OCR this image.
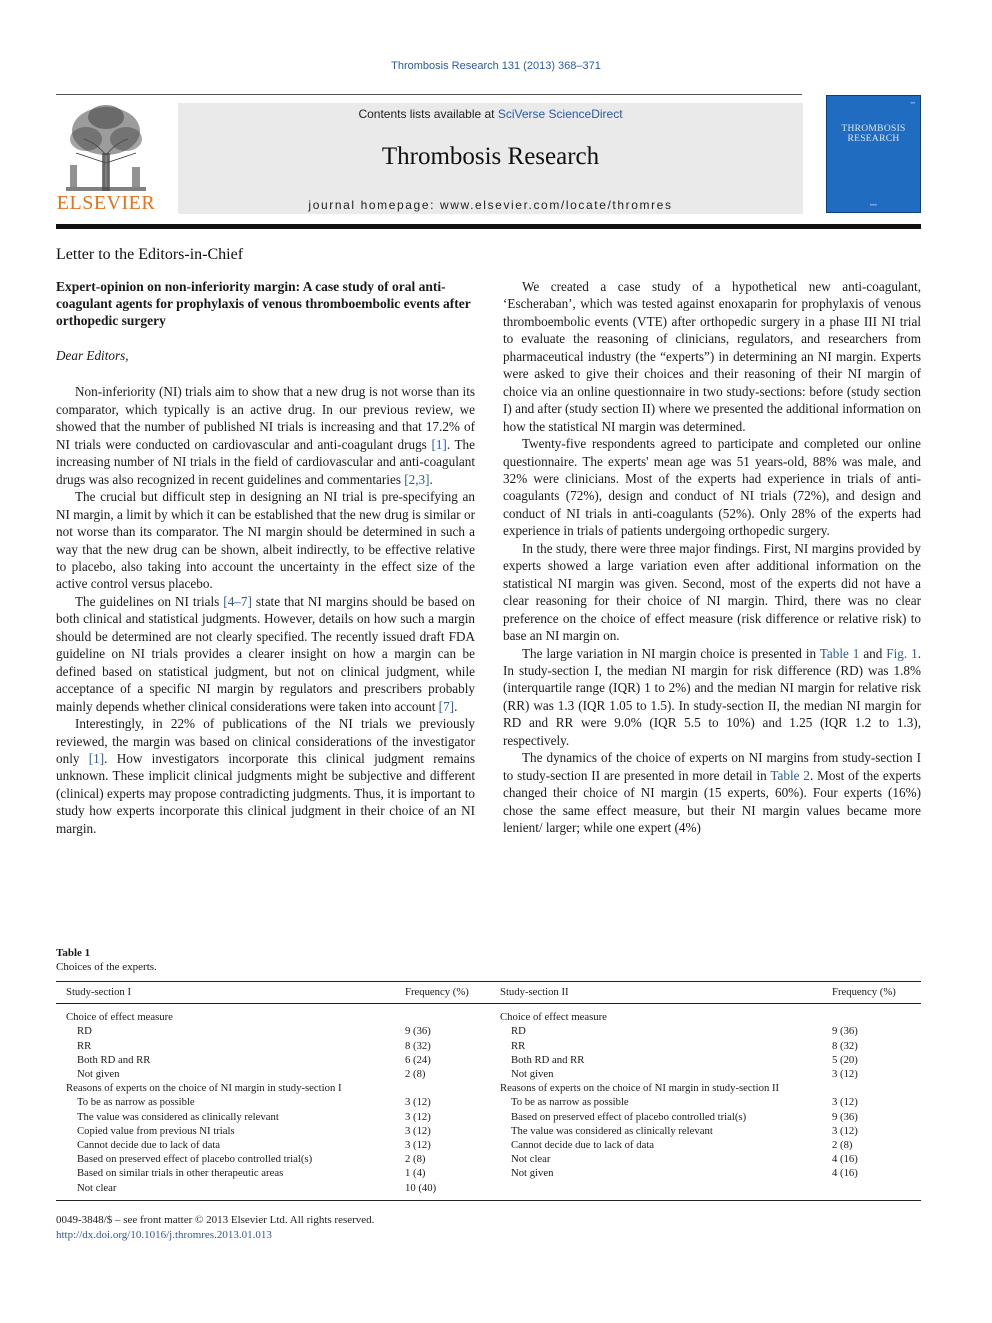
Thrombosis Research 131 (2013) 368–371
ELSEVIER
Contents lists available at SciVerse ScienceDirect
Thrombosis Research
journal homepage: www.elsevier.com/locate/thromres
▪▪▪
THROMBOSIS
RESEARCH
▪▪▪▪▪
Letter to the Editors-in-Chief

Expert-opinion on non-inferiority margin: A case study of oral anti-coagulant agents for prophylaxis of venous thromboembolic events after orthopedic surgery

Dear Editors,

Non-inferiority (NI) trials aim to show that a new drug is not worse than its comparator, which typically is an active drug. In our previous review, we showed that the number of published NI trials is increasing and that 17.2% of NI trials were conducted on cardiovascular and anti-coagulant drugs [1]. The increasing number of NI trials in the field of cardiovascular and anti-coagulant drugs was also recognized in recent guidelines and commentaries [2,3].

The crucial but difficult step in designing an NI trial is pre-specifying an NI margin, a limit by which it can be established that the new drug is similar or not worse than its comparator. The NI margin should be determined in such a way that the new drug can be shown, albeit indirectly, to be effective relative to placebo, also taking into account the uncertainty in the effect size of the active control versus placebo.

The guidelines on NI trials [4–7] state that NI margins should be based on both clinical and statistical judgments. However, details on how such a margin should be determined are not clearly specified. The recently issued draft FDA guideline on NI trials provides a clearer insight on how a margin can be defined based on statistical judgment, but not on clinical judgment, while acceptance of a specific NI margin by regulators and prescribers probably mainly depends whether clinical considerations were taken into account [7].

Interestingly, in 22% of publications of the NI trials we previously reviewed, the margin was based on clinical considerations of the investigator only [1]. How investigators incorporate this clinical judgment remains unknown. These implicit clinical judgments might be subjective and different (clinical) experts may propose contradicting judgments. Thus, it is important to study how experts incorporate this clinical judgment in their choice of an NI margin.

We created a case study of a hypothetical new anti-coagulant, ‘Escheraban’, which was tested against enoxaparin for prophylaxis of venous thromboembolic events (VTE) after orthopedic surgery in a phase III NI trial to evaluate the reasoning of clinicians, regulators, and researchers from pharmaceutical industry (the “experts”) in determining an NI margin. Experts were asked to give their choices and their reasoning of their NI margin of choice via an online questionnaire in two study-sections: before (study section I) and after (study section II) where we presented the additional information on how the statistical NI margin was determined.

Twenty-five respondents agreed to participate and completed our online questionnaire. The experts' mean age was 51 years-old, 88% was male, and 32% were clinicians. Most of the experts had experience in trials of anti-coagulants (72%), design and conduct of NI trials (72%), and design and conduct of NI trials in anti-coagulants (52%). Only 28% of the experts had experience in trials of patients undergoing orthopedic surgery.

In the study, there were three major findings. First, NI margins provided by experts showed a large variation even after additional information on the statistical NI margin was given. Second, most of the experts did not have a clear reasoning for their choice of NI margin. Third, there was no clear preference on the choice of effect measure (risk difference or relative risk) to base an NI margin on.

The large variation in NI margin choice is presented in Table 1 and Fig. 1. In study-section I, the median NI margin for risk difference (RD) was 1.8% (interquartile range (IQR) 1 to 2%) and the median NI margin for relative risk (RR) was 1.3 (IQR 1.05 to 1.5). In study-section II, the median NI margin for RD and RR were 9.0% (IQR 5.5 to 10%) and 1.25 (IQR 1.2 to 1.3), respectively.

The dynamics of the choice of experts on NI margins from study-section I to study-section II are presented in more detail in Table 2. Most of the experts changed their choice of NI margin (15 experts, 60%). Four experts (16%) chose the same effect measure, but their NI margin values became more lenient/ larger; while one expert (4%)

Table 1
Choices of the experts.
Study-section I	Frequency (%)	Study-section II	Frequency (%)
Choice of effect measure		Choice of effect measure	
RD	9 (36)	RD	9 (36)
RR	8 (32)	RR	8 (32)
Both RD and RR	6 (24)	Both RD and RR	5 (20)
Not given	2 (8)	Not given	3 (12)
Reasons of experts on the choice of NI margin in study-section I		Reasons of experts on the choice of NI margin in study-section II	
To be as narrow as possible	3 (12)	To be as narrow as possible	3 (12)
The value was considered as clinically relevant	3 (12)	Based on preserved effect of placebo controlled trial(s)	9 (36)
Copied value from previous NI trials	3 (12)	The value was considered as clinically relevant	3 (12)
Cannot decide due to lack of data	3 (12)	Cannot decide due to lack of data	2 (8)
Based on preserved effect of placebo controlled trial(s)	2 (8)	Not clear	4 (16)
Based on similar trials in other therapeutic areas	1 (4)	Not given	4 (16)
Not clear	10 (40)		
0049-3848/$ – see front matter © 2013 Elsevier Ltd. All rights reserved.
http://dx.doi.org/10.1016/j.thromres.2013.01.013
